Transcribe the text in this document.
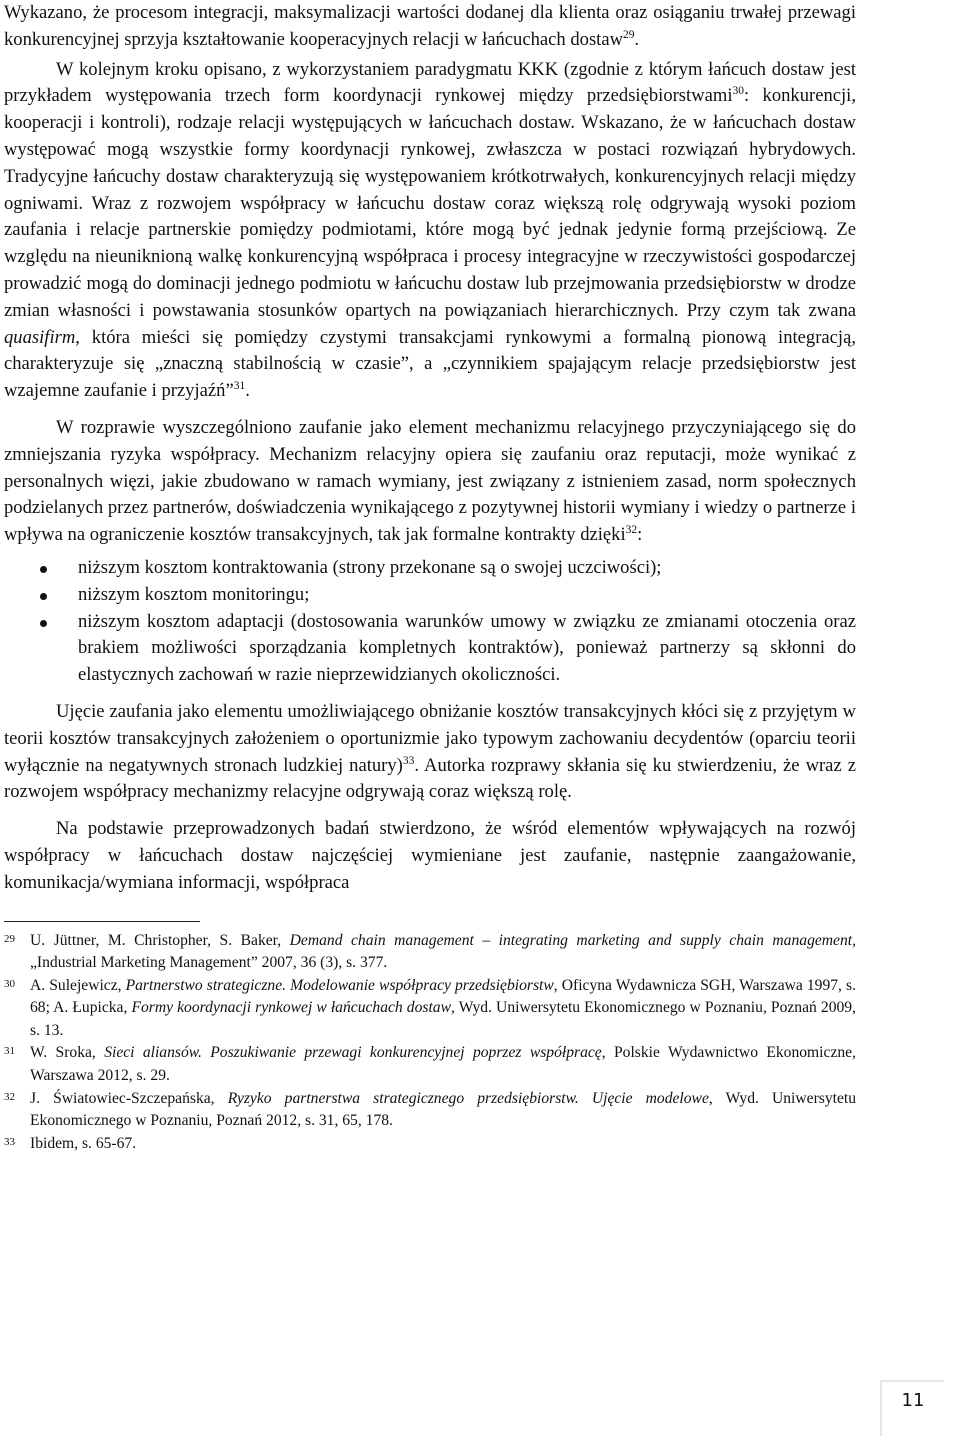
Wykazano, że procesom integracji, maksymalizacji wartości dodanej dla klienta oraz osiąganiu trwałej przewagi konkurencyjnej sprzyja kształtowanie kooperacyjnych relacji w łańcuchach dostaw$^{29}$.

W kolejnym kroku opisano, z wykorzystaniem paradygmatu KKK (zgodnie z którym łańcuch dostaw jest przykładem występowania trzech form koordynacji rynkowej między przedsiębiorstwami$^{30}$: konkurencji, kooperacji i kontroli), rodzaje relacji występujących w łańcuchach dostaw. Wskazano, że w łańcuchach dostaw występować mogą wszystkie formy koordynacji rynkowej, zwłaszcza w postaci rozwiązań hybrydowych. Tradycyjne łańcuchy dostaw charakteryzują się występowaniem krótkotrwałych, konkurencyjnych relacji między ogniwami. Wraz z rozwojem współpracy w łańcuchu dostaw coraz większą rolę odgrywają wysoki poziom zaufania i relacje partnerskie pomiędzy podmiotami, które mogą być jednak jedynie formą przejściową. Ze względu na nieuniknioną walkę konkurencyjną współpraca i procesy integracyjne w rzeczywistości gospodarczej prowadzić mogą do dominacji jednego podmiotu w łańcuchu dostaw lub przejmowania przedsiębiorstw w drodze zmian własności i powstawania stosunków opartych na powiązaniach hierarchicznych. Przy czym tak zwana quasifirm, która mieści się pomiędzy czystymi transakcjami rynkowymi a formalną pionową integracją, charakteryzuje się „znaczną stabilnością w czasie”, a „czynnikiem spajającym relacje przedsiębiorstw jest wzajemne zaufanie i przyjaźń”$^{31}$.

W rozprawie wyszczególniono zaufanie jako element mechanizmu relacyjnego przyczyniającego się do zmniejszania ryzyka współpracy. Mechanizm relacyjny opiera się zaufaniu oraz reputacji, może wynikać z personalnych więzi, jakie zbudowano w ramach wymiany, jest związany z istnieniem zasad, norm społecznych podzielanych przez partnerów, doświadczenia wynikającego z pozytywnej historii wymiany i wiedzy o partnerze i wpływa na ograniczenie kosztów transakcyjnych, tak jak formalne kontrakty dzięki$^{32}$:

niższym kosztom kontraktowania (strony przekonane są o swojej uczciwości);
niższym kosztom monitoringu;
niższym kosztom adaptacji (dostosowania warunków umowy w związku ze zmianami otoczenia oraz brakiem możliwości sporządzania kompletnych kontraktów), ponieważ partnerzy są skłonni do elastycznych zachowań w razie nieprzewidzianych okoliczności.

Ujęcie zaufania jako elementu umożliwiającego obniżanie kosztów transakcyjnych kłóci się z przyjętym w teorii kosztów transakcyjnych założeniem o oportunizmie jako typowym zachowaniu decydentów (oparciu teorii wyłącznie na negatywnych stronach ludzkiej natury)$^{33}$. Autorka rozprawy skłania się ku stwierdzeniu, że wraz z rozwojem współpracy mechanizmy relacyjne odgrywają coraz większą rolę.

Na podstawie przeprowadzonych badań stwierdzono, że wśród elementów wpływających na rozwój współpracy w łańcuchach dostaw najczęściej wymieniane jest zaufanie, następnie zaangażowanie, komunikacja/wymiana informacji, współpraca

29 U. Jüttner, M. Christopher, S. Baker, Demand chain management – integrating marketing and supply chain management, „Industrial Marketing Management” 2007, 36 (3), s. 377.

30 A. Sulejewicz, Partnerstwo strategiczne. Modelowanie współpracy przedsiębiorstw, Oficyna Wydawnicza SGH, Warszawa 1997, s. 68; A. Łupicka, Formy koordynacji rynkowej w łańcuchach dostaw, Wyd. Uniwersytetu Ekonomicznego w Poznaniu, Poznań 2009, s. 13.

31 W. Sroka, Sieci aliansów. Poszukiwanie przewagi konkurencyjnej poprzez współpracę, Polskie Wydawnictwo Ekonomiczne, Warszawa 2012, s. 29.

32 J. Światowiec-Szczepańska, Ryzyko partnerstwa strategicznego przedsiębiorstw. Ujęcie modelowe, Wyd. Uniwersytetu Ekonomicznego w Poznaniu, Poznań 2012, s. 31, 65, 178.

33 Ibidem, s. 65-67.

11
